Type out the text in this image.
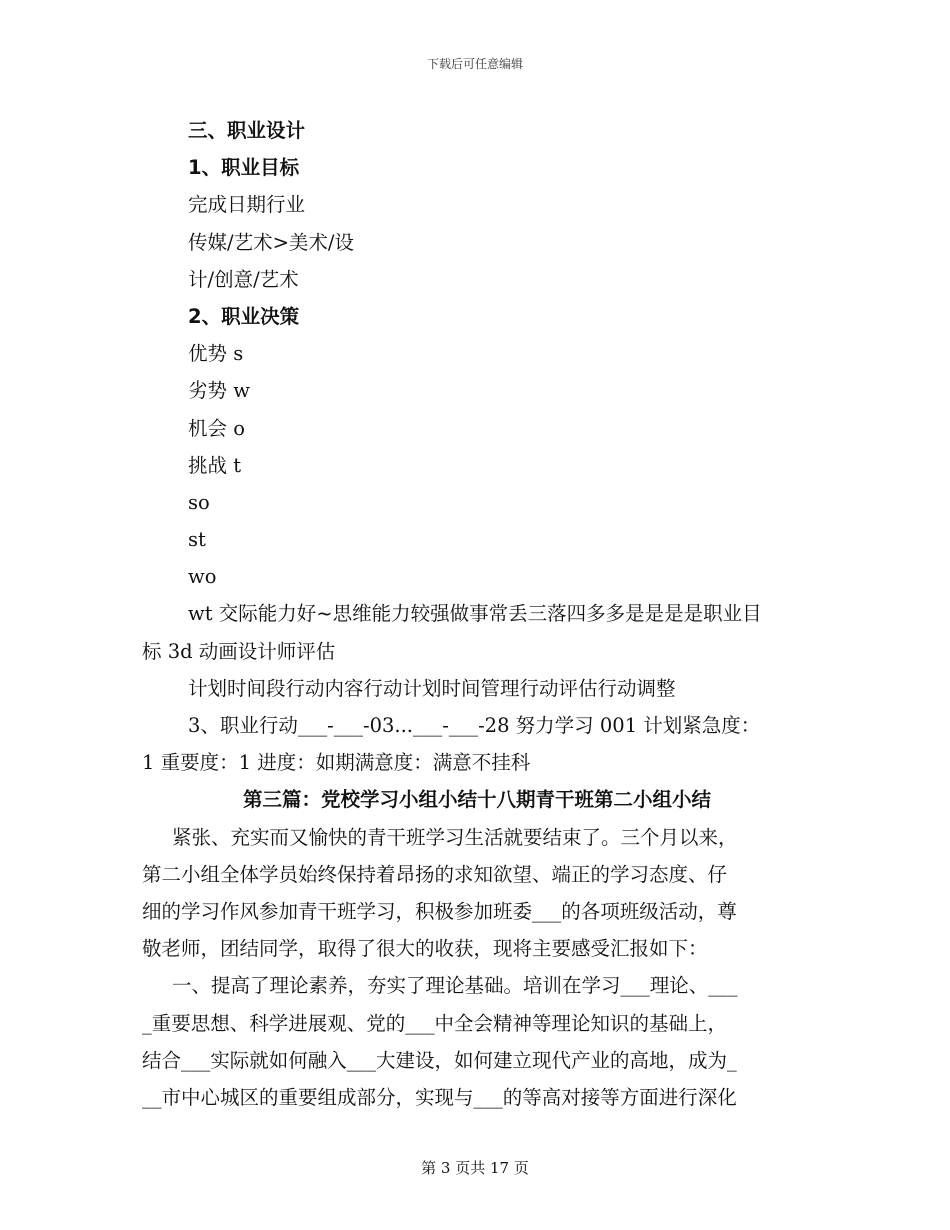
下载后可任意编辑
三、职业设计
1、职业目标
完成日期行业
传媒/艺术>美术/设
计/创意/艺术
2、职业决策
优势 s
劣势 w
机会 o
挑战 t
so
st
wo
wt 交际能力好~思维能力较强做事常丢三落四多多是是是是职业目
标 3d 动画设计师评估
计划时间段行动内容行动计划时间管理行动评估行动调整
3、职业行动___-___-03...___-___-28 努力学习 001 计划紧急度：
1 重要度：1 进度：如期满意度：满意不挂科
第三篇：党校学习小组小结十八期青干班第二小组小结
紧张、充实而又愉快的青干班学习生活就要结束了。三个月以来，
第二小组全体学员始终保持着昂扬的求知欲望、端正的学习态度、仔
细的学习作风参加青干班学习，积极参加班委___的各项班级活动，尊
敬老师，团结同学，取得了很大的收获，现将主要感受汇报如下：
一、提高了理论素养，夯实了理论基础。培训在学习___理论、___
_重要思想、科学进展观、党的___中全会精神等理论知识的基础上，
结合___实际就如何融入___大建设，如何建立现代产业的高地，成为_
__市中心城区的重要组成部分，实现与___的等高对接等方面进行深化
第 3 页共 17 页
